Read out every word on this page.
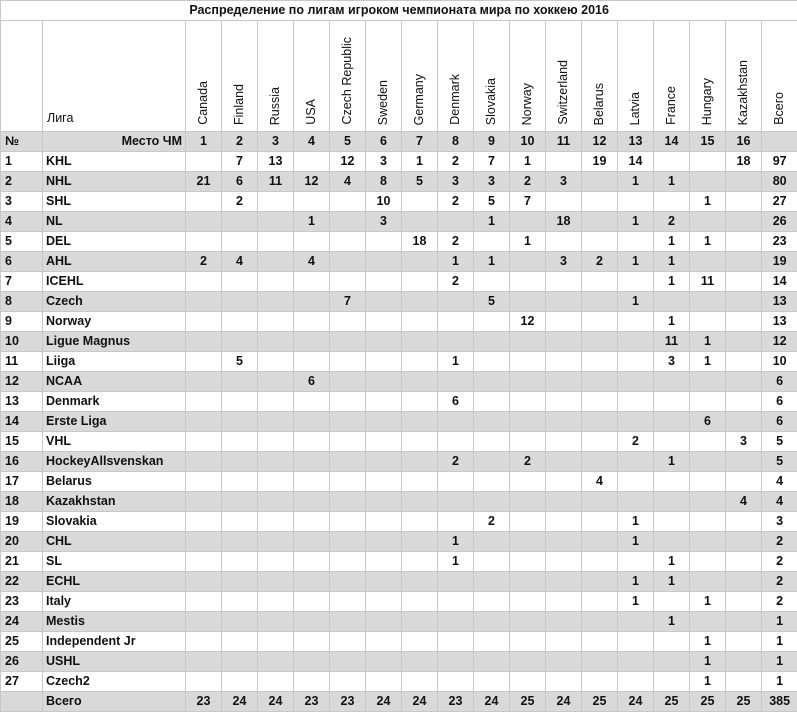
Распределение по лигам игроком чемпионата мира по хоккею 2016																		
	Лига	Canada	Finland	Russia	USA	Czech Republic	Sweden	Germany	Denmark	Slovakia	Norway	Switzerland	Belarus	Latvia	France	Hungary	Kazakhstan	Всего
№	Место ЧМ	1	2	3	4	5	6	7	8	9	10	11	12	13	14	15	16	
1	KHL		7	13		12	3	1	2	7	1		19	14			18	97
2	NHL	21	6	11	12	4	8	5	3	3	2	3		1	1			80
3	SHL		2				10		2	5	7					1		27
4	NL				1		3			1		18		1	2			26
5	DEL							18	2		1				1	1		23
6	AHL	2	4		4				1	1		3	2	1	1			19
7	ICEHL								2						1	11		14
8	Czech					7				5				1				13
9	Norway										12				1			13
10	Ligue Magnus														11	1		12
11	Liiga		5						1						3	1		10
12	NCAA				6													6
13	Denmark								6									6
14	Erste Liga															6		6
15	VHL													2			3	5
16	HockeyAllsvenskan								2		2				1			5
17	Belarus												4					4
18	Kazakhstan																4	4
19	Slovakia									2				1				3
20	CHL								1					1				2
21	SL								1						1			2
22	ECHL													1	1			2
23	Italy													1		1		2
24	Mestis														1			1
25	Independent Jr															1		1
26	USHL															1		1
27	Czech2															1		1
	Всего	23	24	24	23	23	24	24	23	24	25	24	25	24	25	25	25	385
